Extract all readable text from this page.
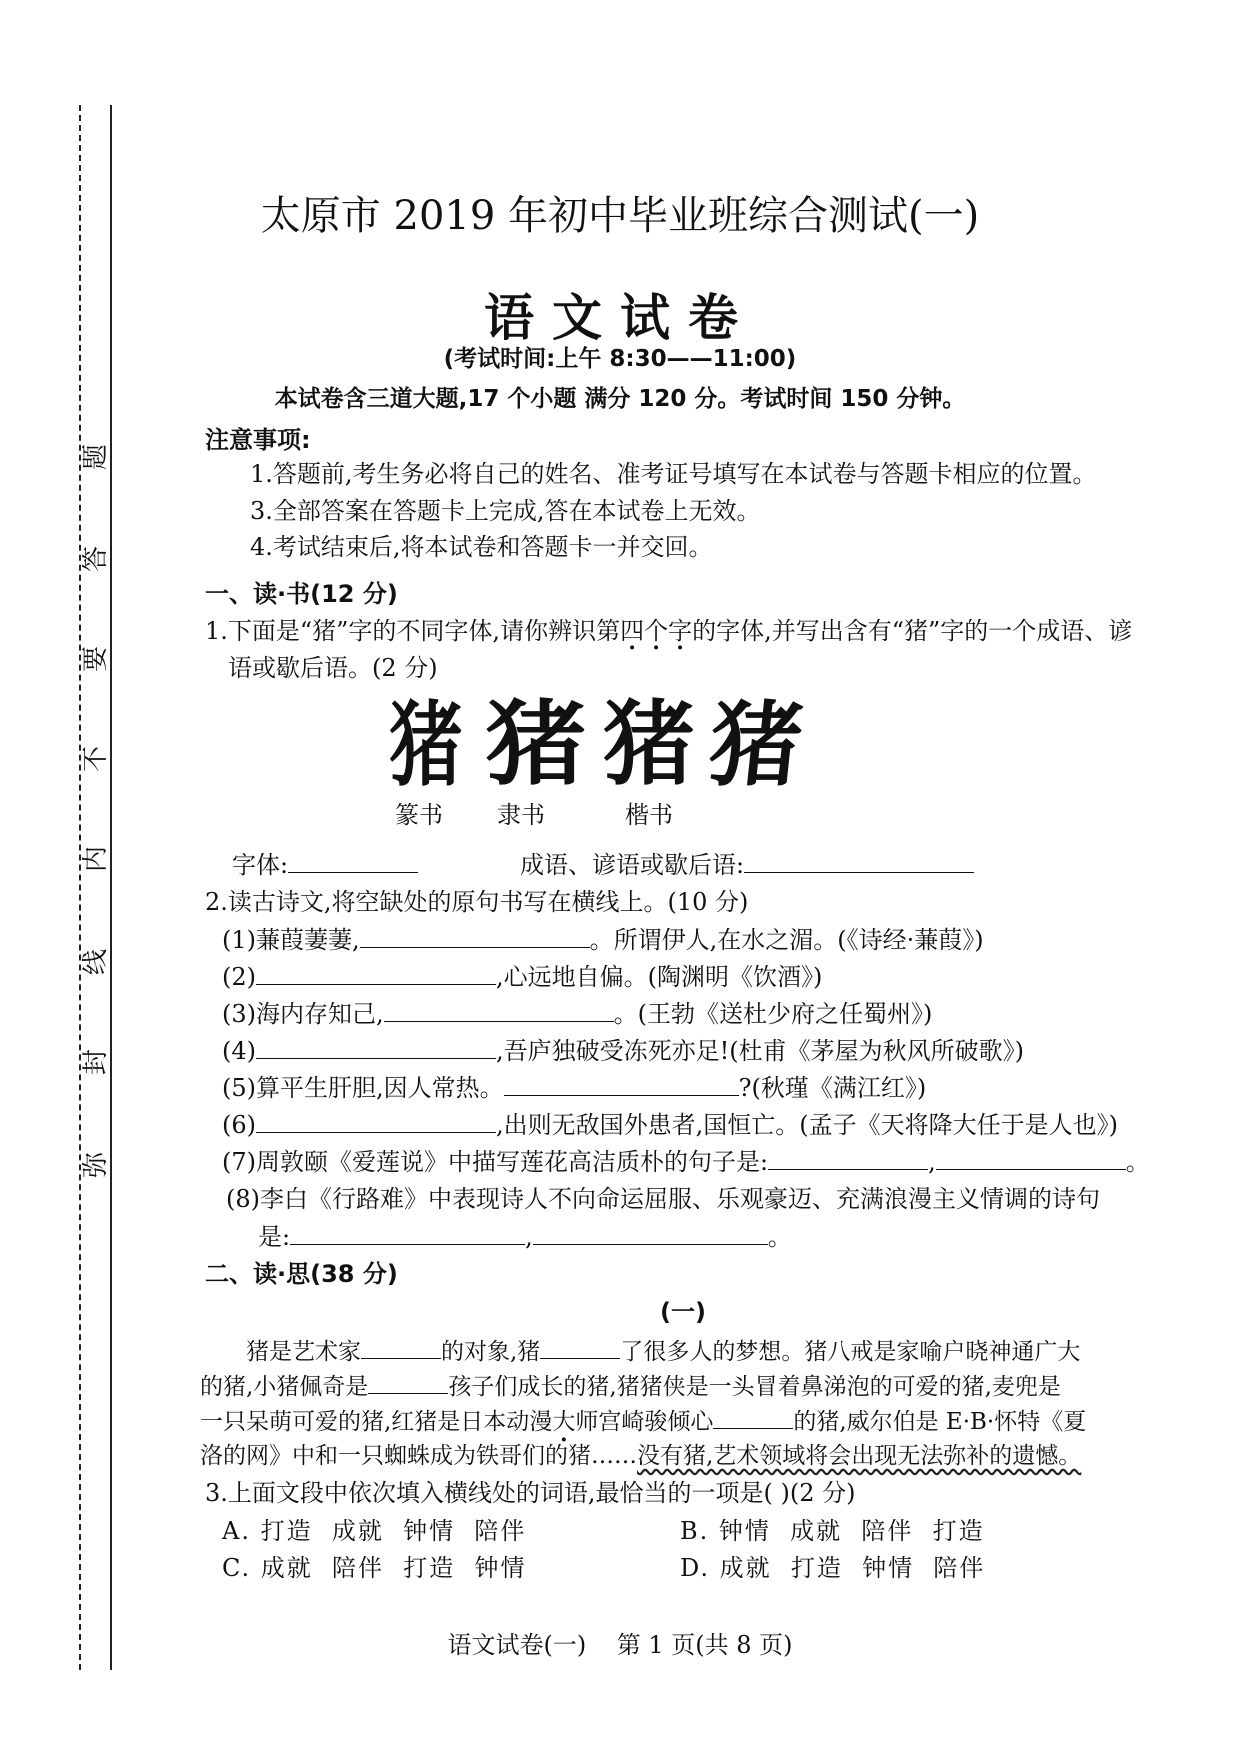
题
答
要
不
内
线
封
弥
太原市 2019 年初中毕业班综合测试(一)
语文试卷
(考试时间:上午 8:30——11:00)
本试卷含三道大题,17 个小题 满分 120 分。考试时间 150 分钟。
注意事项:
1.答题前,考生务必将自己的姓名、准考证号填写在本试卷与答题卡相应的位置。
3.全部答案在答题卡上完成,答在本试卷上无效。
4.考试结束后,将本试卷和答题卡一并交回。
一、读·书(12 分)
1.下面是“猪”字的不同字体,请你辨识第四个字的字体,并写出含有“猪”字的一个成语、谚
语或歇后语。(2 分)
猪 猪 猪 猪
篆书 隶书	楷书
字体:	成语、谚语或歇后语:
2.读古诗文,将空缺处的原句书写在横线上。(10 分)
(1)蒹葭萋萋,	。所谓伊人,在水之湄。(《诗经·蒹葭》)
(2)	,心远地自偏。(陶渊明《饮酒》)
(3)海内存知己,	。(王勃《送杜少府之任蜀州》)
(4)	,吾庐独破受冻死亦足!(杜甫《茅屋为秋风所破歌》)
(5)算平生肝胆,因人常热。	?(秋瑾《满江红》)
(6)	,出则无敌国外患者,国恒亡。(孟子《天将降大任于是人也》)
(7)周敦颐《爱莲说》中描写莲花高洁质朴的句子是:	,	。
(8)李白《行路难》中表现诗人不向命运屈服、乐观豪迈、充满浪漫主义情调的诗句
是:	,	。
二、读·思(38 分)
(一)
猪是艺术家	的对象,猪	了很多人的梦想。猪八戒是家喻户晓神通广大
的猪,小猪佩奇是	孩子们成长的猪,猪猪侠是一头冒着鼻涕泡的可爱的猪,麦兜是
一只呆萌可爱的猪,红猪是日本动漫大师宫崎骏倾心	的猪,威尔伯是 E·B·怀特《夏
洛的网》中和一只蜘蛛成为铁哥们的猪……没有猪,艺术领域将会出现无法弥补的遗憾。
3.上面文段中依次填入横线处的词语,最恰当的一项是( )(2 分)
A. 打造  成就  钟情  陪伴	B. 钟情  成就  陪伴  打造
C. 成就  陪伴  打造  钟情	D. 成就  打造  钟情  陪伴
语文试卷(一)    第 1 页(共 8 页)
